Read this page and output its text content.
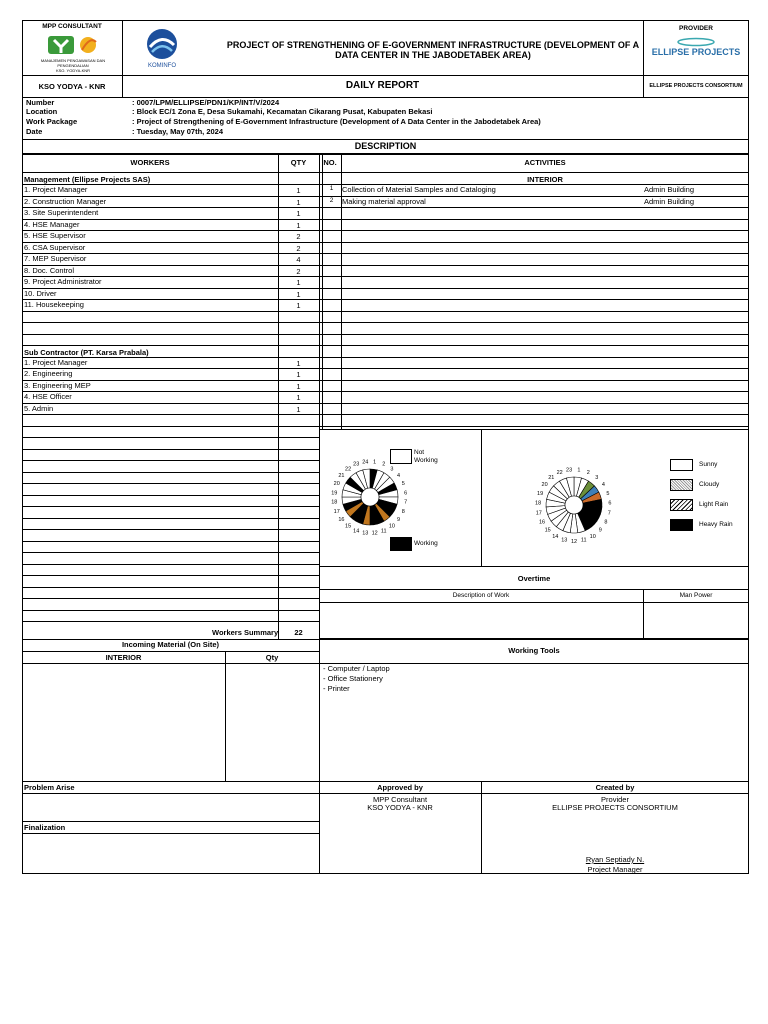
MPP CONSULTANT
MANAJEMEN PENGAWASAN DAN PENGENDALIAN
KSO. YODYA-KNR
KOMINFO
PROJECT OF STRENGTHENING OF E-GOVERNMENT INFRASTRUCTURE (DEVELOPMENT OF A DATA CENTER IN THE JABODETABEK AREA)
PROVIDER
ELLIPSE PROJECTS
KSO YODYA - KNR	DAILY REPORT	ELLIPSE PROJECTS CONSORTIUM
Number	: 0007/LPM/ELLIPSE/PDN1/KP/INT/V/2024
Location	: Block EC/1 Zona E, Desa Sukamahi, Kecamatan Cikarang Pusat, Kabupaten Bekasi
Work Package	: Project of Strengthening of E-Government Infrastructure (Development of A Data Center in the Jabodetabek Area)
Date	: Tuesday, May 07th, 2024
DESCRIPTION
WORKERS	QTY	NO.	ACTIVITIES
Management (Ellipse Projects SAS)	INTERIOR
1. Project Manager	1
2. Construction Manager	1
3. Site Superintendent	1
4. HSE Manager	1
5. HSE Supervisor	2
6. CSA Supervisor	2
7. MEP Supervisor	4
8. Doc. Control	2
9. Project Administrator	1
10. Driver	1
11. Housekeeping	1
Sub Contractor (PT. Karsa Prabala)
1. Project Manager	1
2. Engineering	1
3. Engineering MEP	1
4. HSE Officer	1
5. Admin	1
1	Collection of Material Samples and Cataloging	Admin Building
2	Making material approval	Admin Building
1 2
3
4
5
6
7
8
9
10
11
12
13
14
15
16
17
18
19
20
21
22
23 24
Not Working
Working
1 2
3
4
5
6
7
8
9
10
11
12
13
14
15
16
17
18
19
20
21
22 23
Sunny
Cloudy
Light Rain
Heavy Rain
Overtime
Description of Work	Man Power
Workers Summary	22
Incoming Material (On Site)
INTERIOR	Qty
Working Tools
- Computer / Laptop
- Office Stationery
- Printer
Problem Arise
Finalization
Approved by
MPP Consultant
KSO YODYA - KNR
Created by
Provider
ELLIPSE PROJECTS CONSORTIUM
Ryan Septiady N.
Project Manager
